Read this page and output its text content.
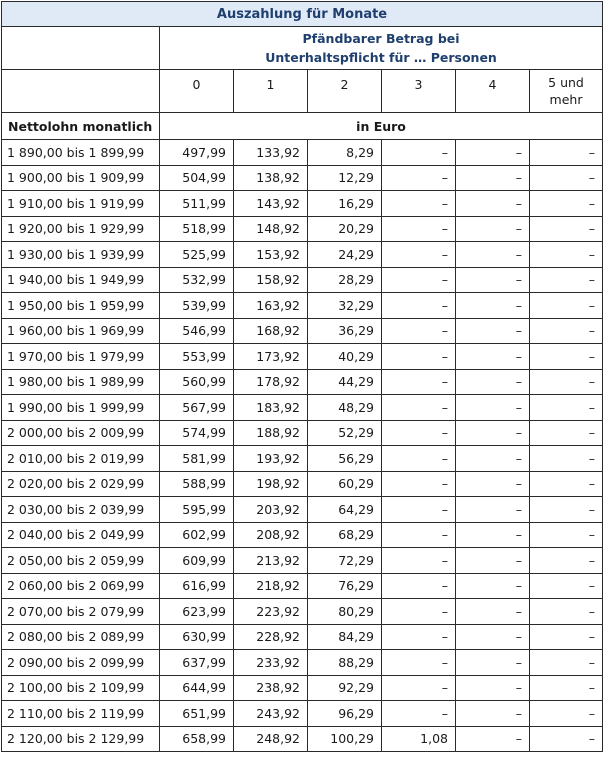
Auszahlung für Monate						

	Pfändbarer Betrag bei
Unterhaltspflicht für … Personen					

	0	1	2	3	4	5 und
mehr

Nettolohn monatlich	in Euro					
1 890,00 bis 1 899,99	497,99	133,92	8,29	–	–	–
1 900,00 bis 1 909,99	504,99	138,92	12,29	–	–	–
1 910,00 bis 1 919,99	511,99	143,92	16,29	–	–	–
1 920,00 bis 1 929,99	518,99	148,92	20,29	–	–	–
1 930,00 bis 1 939,99	525,99	153,92	24,29	–	–	–
1 940,00 bis 1 949,99	532,99	158,92	28,29	–	–	–
1 950,00 bis 1 959,99	539,99	163,92	32,29	–	–	–
1 960,00 bis 1 969,99	546,99	168,92	36,29	–	–	–
1 970,00 bis 1 979,99	553,99	173,92	40,29	–	–	–
1 980,00 bis 1 989,99	560,99	178,92	44,29	–	–	–
1 990,00 bis 1 999,99	567,99	183,92	48,29	–	–	–
2 000,00 bis 2 009,99	574,99	188,92	52,29	–	–	–
2 010,00 bis 2 019,99	581,99	193,92	56,29	–	–	–
2 020,00 bis 2 029,99	588,99	198,92	60,29	–	–	–
2 030,00 bis 2 039,99	595,99	203,92	64,29	–	–	–
2 040,00 bis 2 049,99	602,99	208,92	68,29	–	–	–
2 050,00 bis 2 059,99	609,99	213,92	72,29	–	–	–
2 060,00 bis 2 069,99	616,99	218,92	76,29	–	–	–
2 070,00 bis 2 079,99	623,99	223,92	80,29	–	–	–
2 080,00 bis 2 089,99	630,99	228,92	84,29	–	–	–
2 090,00 bis 2 099,99	637,99	233,92	88,29	–	–	–
2 100,00 bis 2 109,99	644,99	238,92	92,29	–	–	–
2 110,00 bis 2 119,99	651,99	243,92	96,29	–	–	–
2 120,00 bis 2 129,99	658,99	248,92	100,29	1,08	–	–
